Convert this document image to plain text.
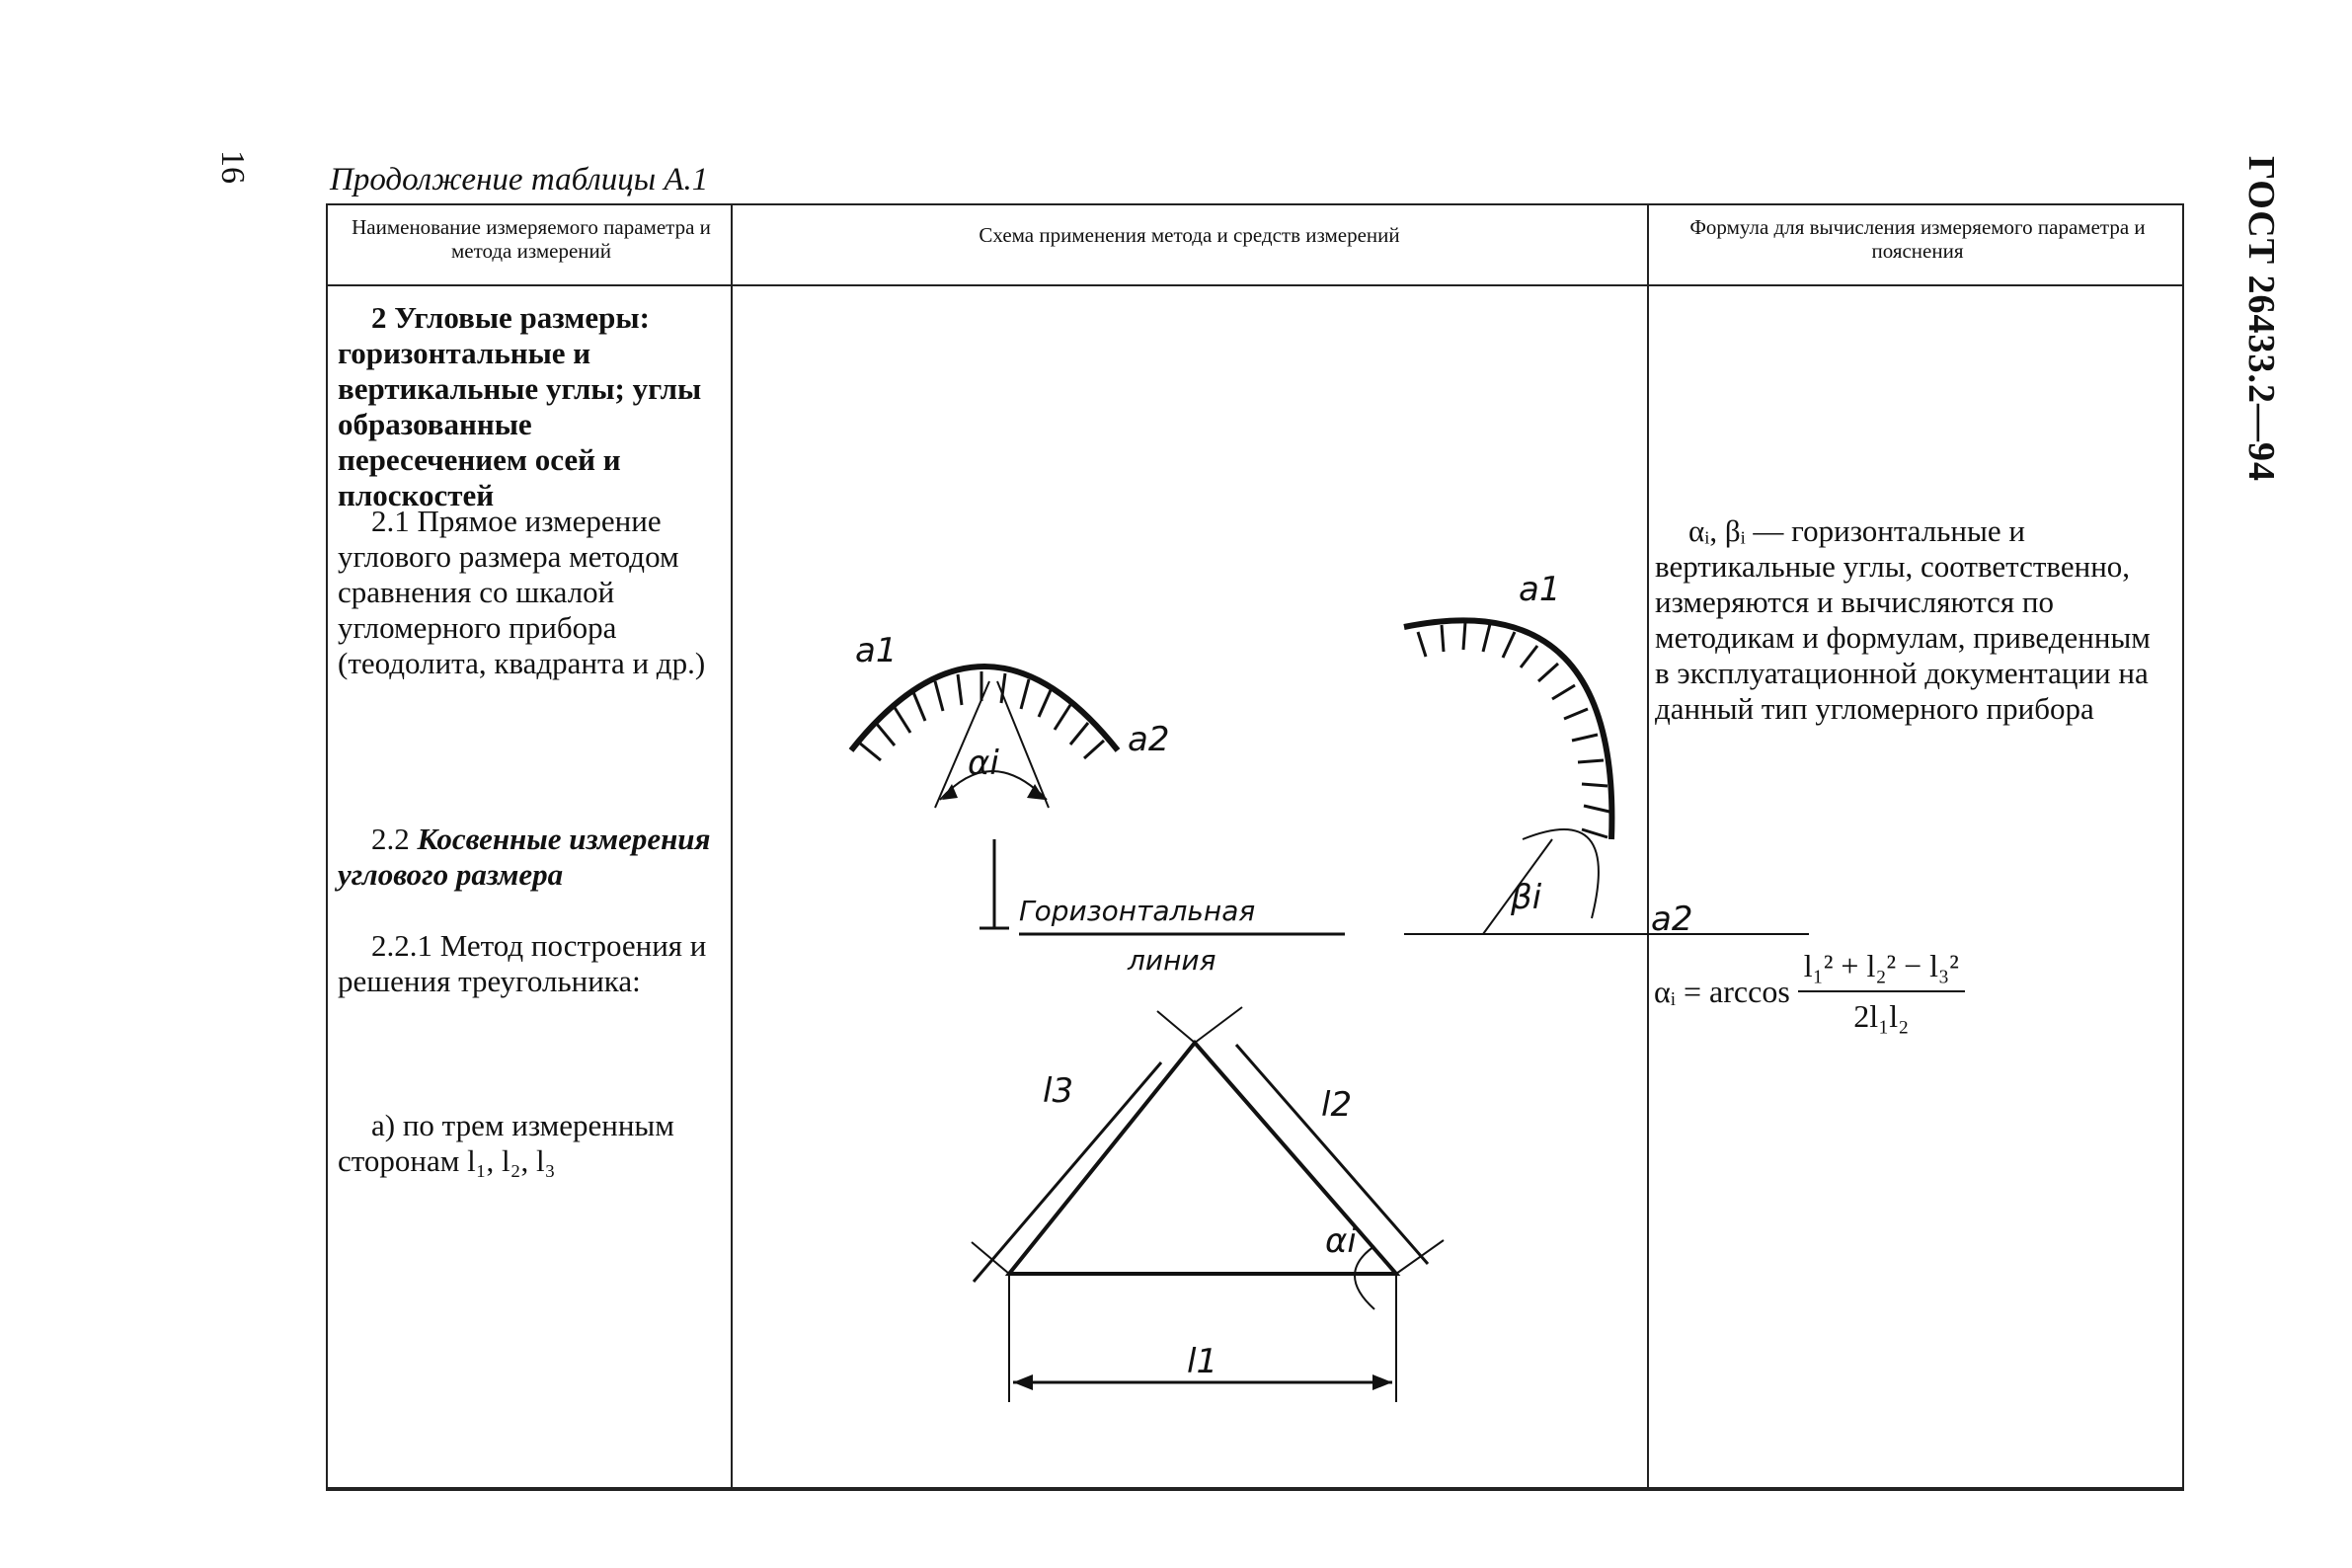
16	ГОСТ 26433.2—94
Продолжение таблицы А.1
Наименование измеряемого параметра и метода измерений
Схема применения метода и средств измерений	Формула для вычисления измеряемого параметра и пояснения

2 Угловые размеры: горизонтальные и вертикальные углы; углы образованные пересечением осей и плоскостей

2.1 Прямое измерение углового размера методом сравнения со шкалой угломерного прибора (теодолита, квадранта и др.)

2.2 Косвенные измерения углового размера

2.2.1 Метод построения и решения треугольника:

а) по трем измеренным сторонам l₁, l₂, l₃

αᵢ, βᵢ — горизонтальные и вертикальные углы, соответственно, измеряются и вычисляются по методикам и формулам, приведенным в эксплуатационной документации на данный тип угломерного прибора

αᵢ = $\arccos \frac{\text{l₁² + l₂² − l₃²}}{\text{2l₁l₂}}$
a1
a2
αi
a1
a2
βi
Горизонтальная
линия
l1
l2
l3
αi
